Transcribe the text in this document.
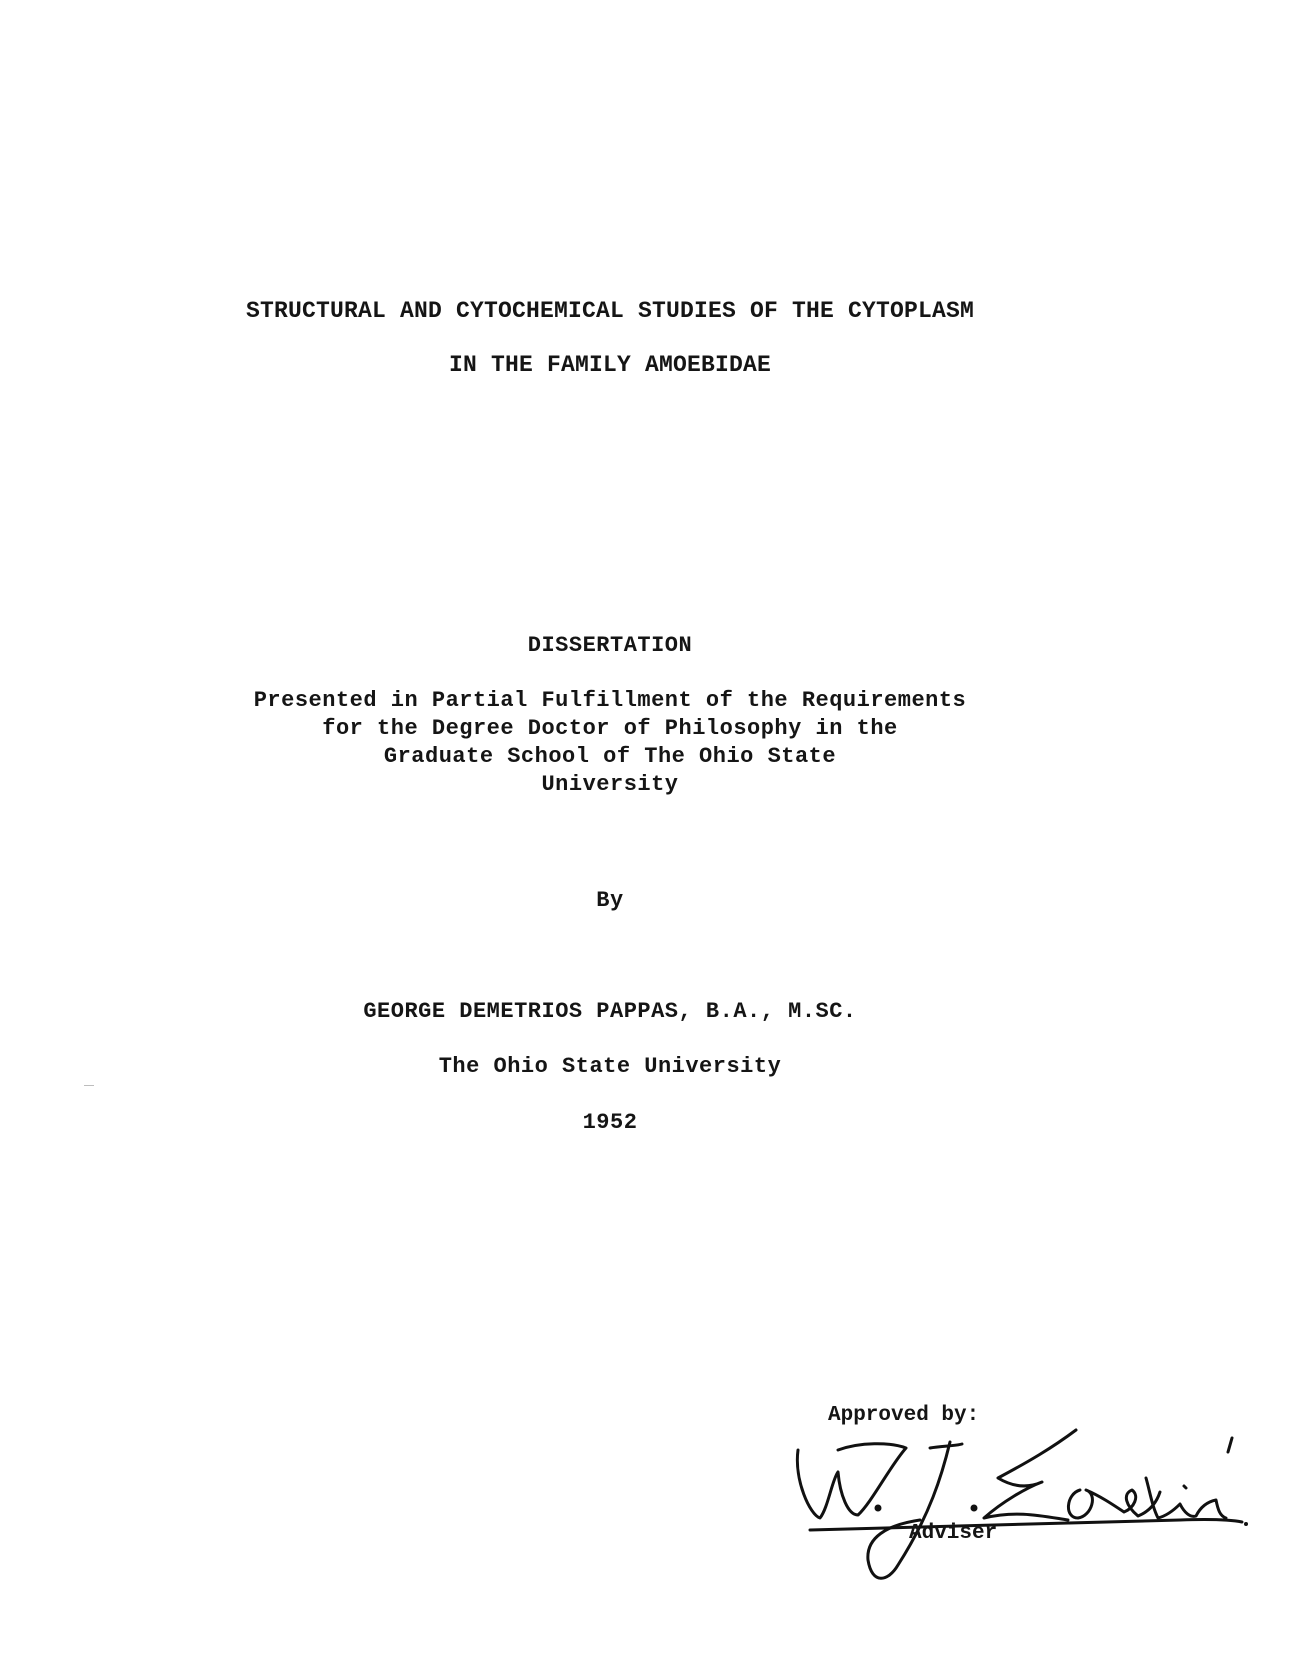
STRUCTURAL AND CYTOCHEMICAL STUDIES OF THE CYTOPLASM
IN THE FAMILY AMOEBIDAE
DISSERTATION
Presented in Partial Fulfillment of the Requirements
for the Degree Doctor of Philosophy in the
Graduate School of The Ohio State
University
By
GEORGE DEMETRIOS PAPPAS, B.A., M.SC.
The Ohio State University
1952
Approved by:
Adviser
